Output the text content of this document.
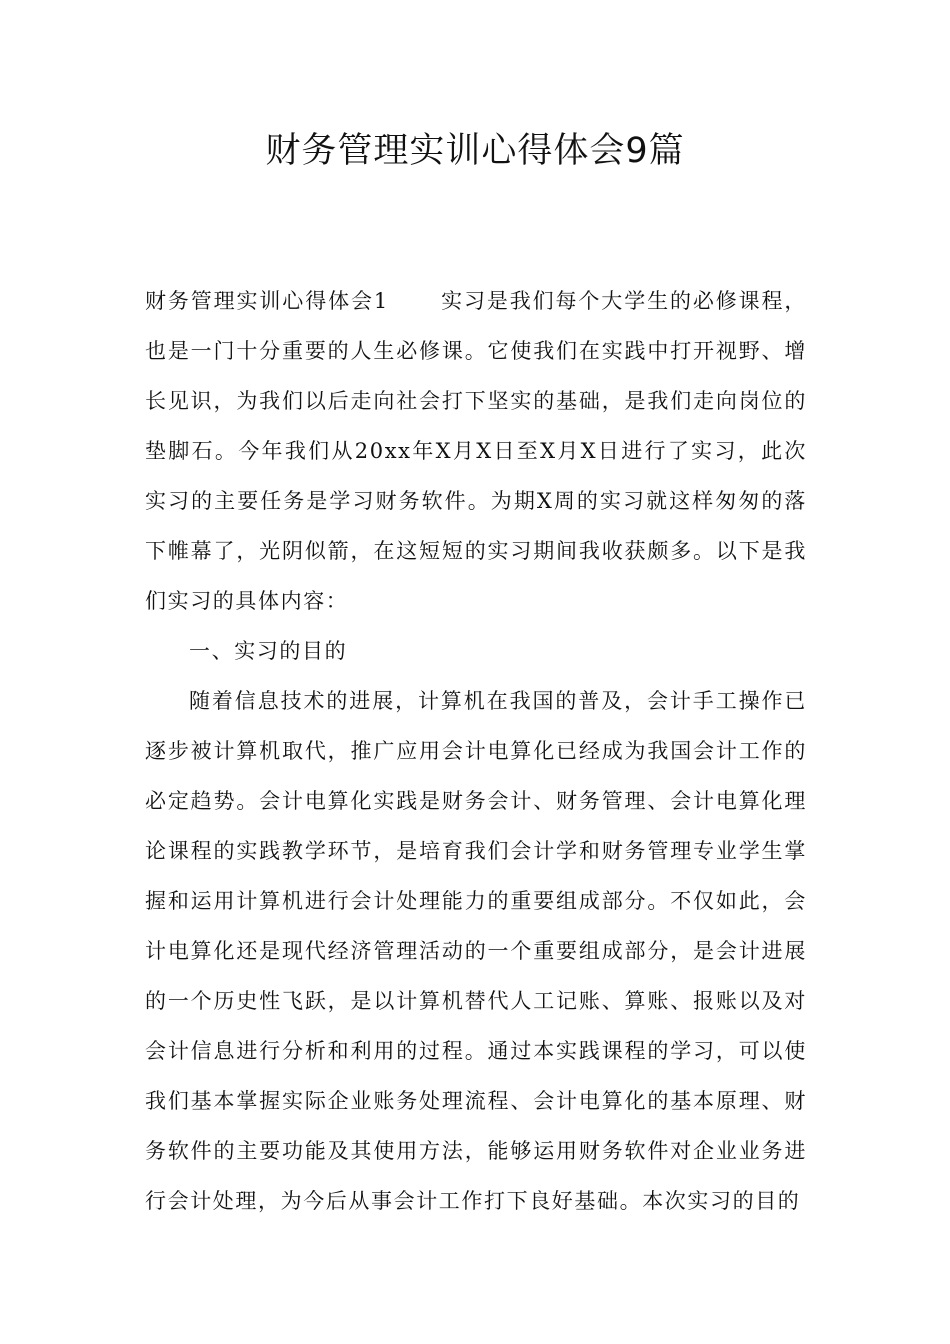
财务管理实训心得体会9篇

财务管理实训心得体会1 实习是我们每个大学生的必修课程，也是一门十分重要的人生必修课。它使我们在实践中打开视野、增长见识，为我们以后走向社会打下坚实的基础，是我们走向岗位的垫脚石。今年我们从20xx年X月X日至X月X日进行了实习，此次实习的主要任务是学习财务软件。为期X周的实习就这样匆匆的落下帷幕了，光阴似箭，在这短短的实习期间我收获颇多。以下是我们实习的具体内容：

一、实习的目的

随着信息技术的进展，计算机在我国的普及，会计手工操作已逐步被计算机取代，推广应用会计电算化已经成为我国会计工作的必定趋势。会计电算化实践是财务会计、财务管理、会计电算化理论课程的实践教学环节，是培育我们会计学和财务管理专业学生掌握和运用计算机进行会计处理能力的重要组成部分。不仅如此，会计电算化还是现代经济管理活动的一个重要组成部分，是会计进展的一个历史性飞跃，是以计算机替代人工记账、算账、报账以及对会计信息进行分析和利用的过程。通过本实践课程的学习，可以使我们基本掌握实际企业账务处理流程、会计电算化的基本原理、财务软件的主要功能及其使用方法，能够运用财务软件对企业业务进行会计处理，为今后从事会计工作打下良好基础。本次实习的目的
